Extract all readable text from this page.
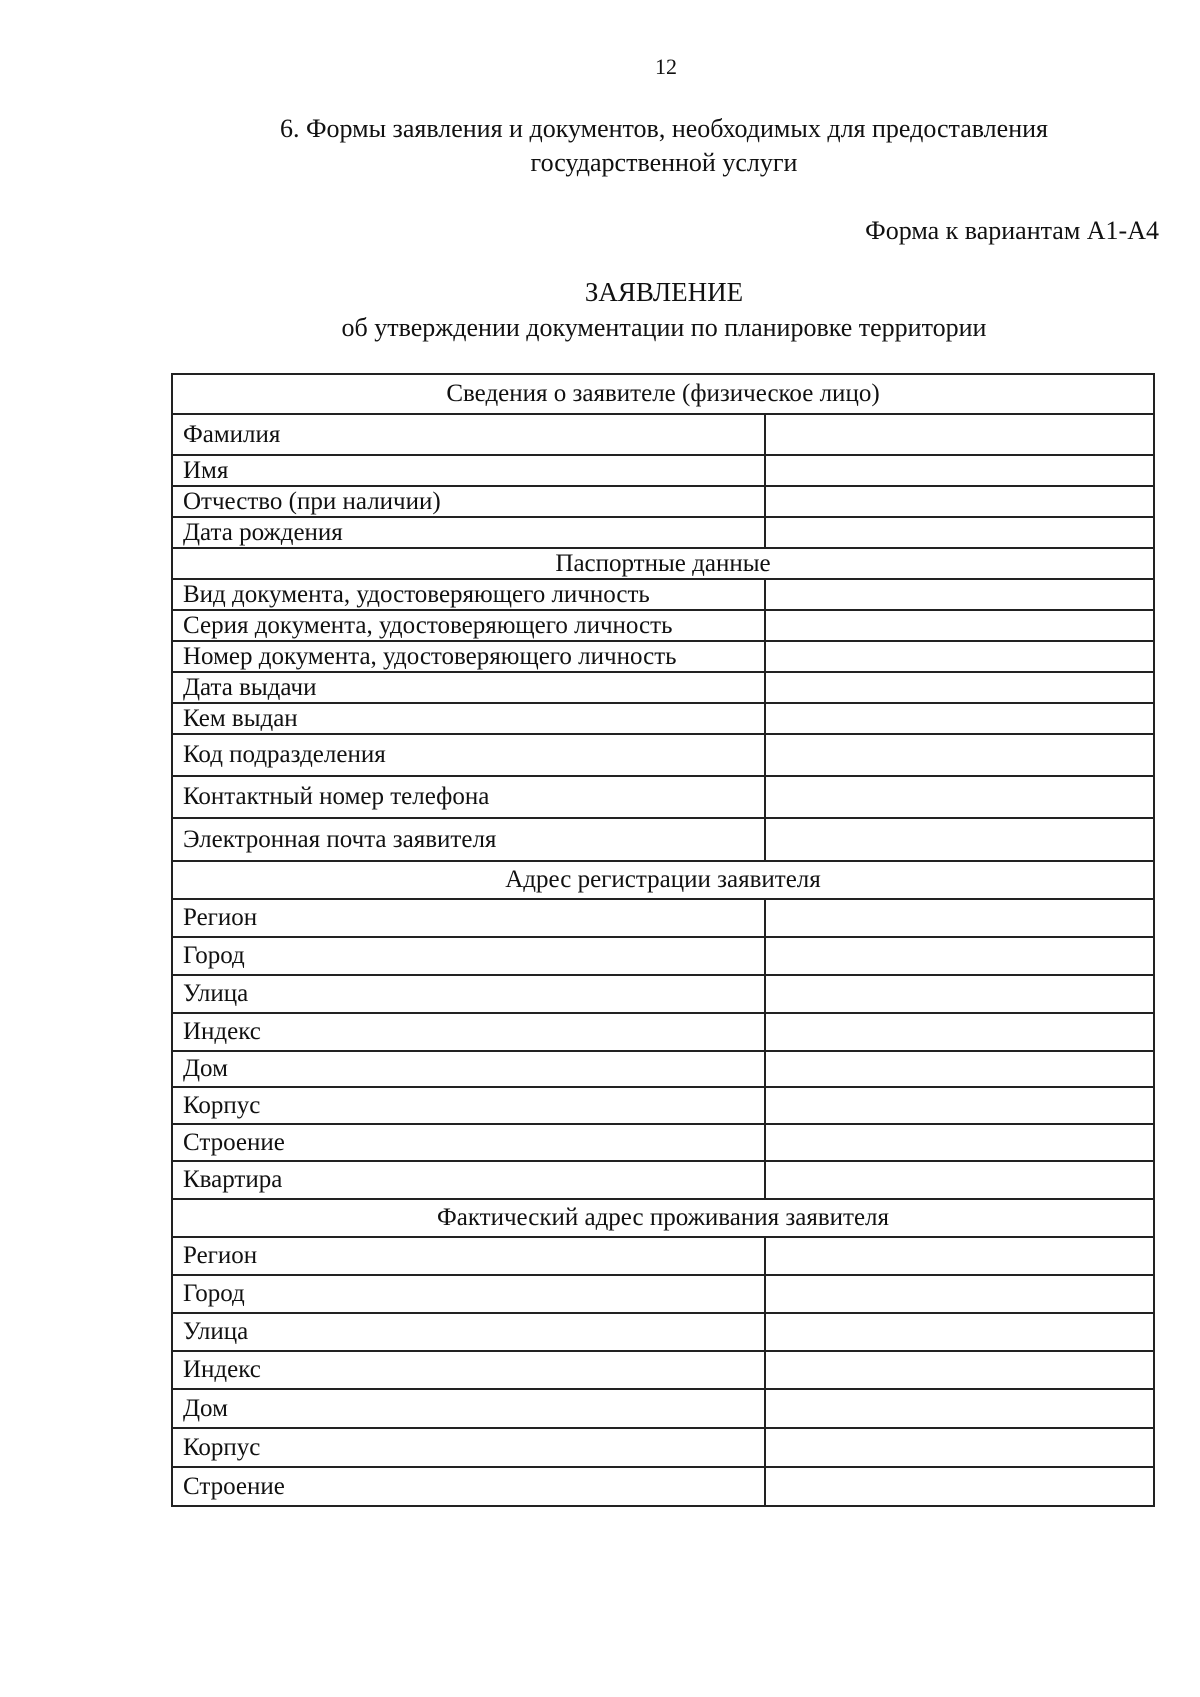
12
6. Формы заявления и документов, необходимых для предоставления
государственной услуги
Форма к вариантам А1-А4
ЗАЯВЛЕНИЕ
об утверждении документации по планировке территории
Сведения о заявителе (физическое лицо)	
Фамилия	
Имя	
Отчество (при наличии)	
Дата рождения	
Паспортные данные	
Вид документа, удостоверяющего личность	
Серия документа, удостоверяющего личность	
Номер документа, удостоверяющего личность	
Дата выдачи	
Кем выдан	
Код подразделения	
Контактный номер телефона	
Электронная почта заявителя	
Адрес регистрации заявителя	
Регион	
Город	
Улица	
Индекс	
Дом	
Корпус	
Строение	
Квартира	
Фактический адрес проживания заявителя	
Регион	
Город	
Улица	
Индекс	
Дом	
Корпус	
Строение	
